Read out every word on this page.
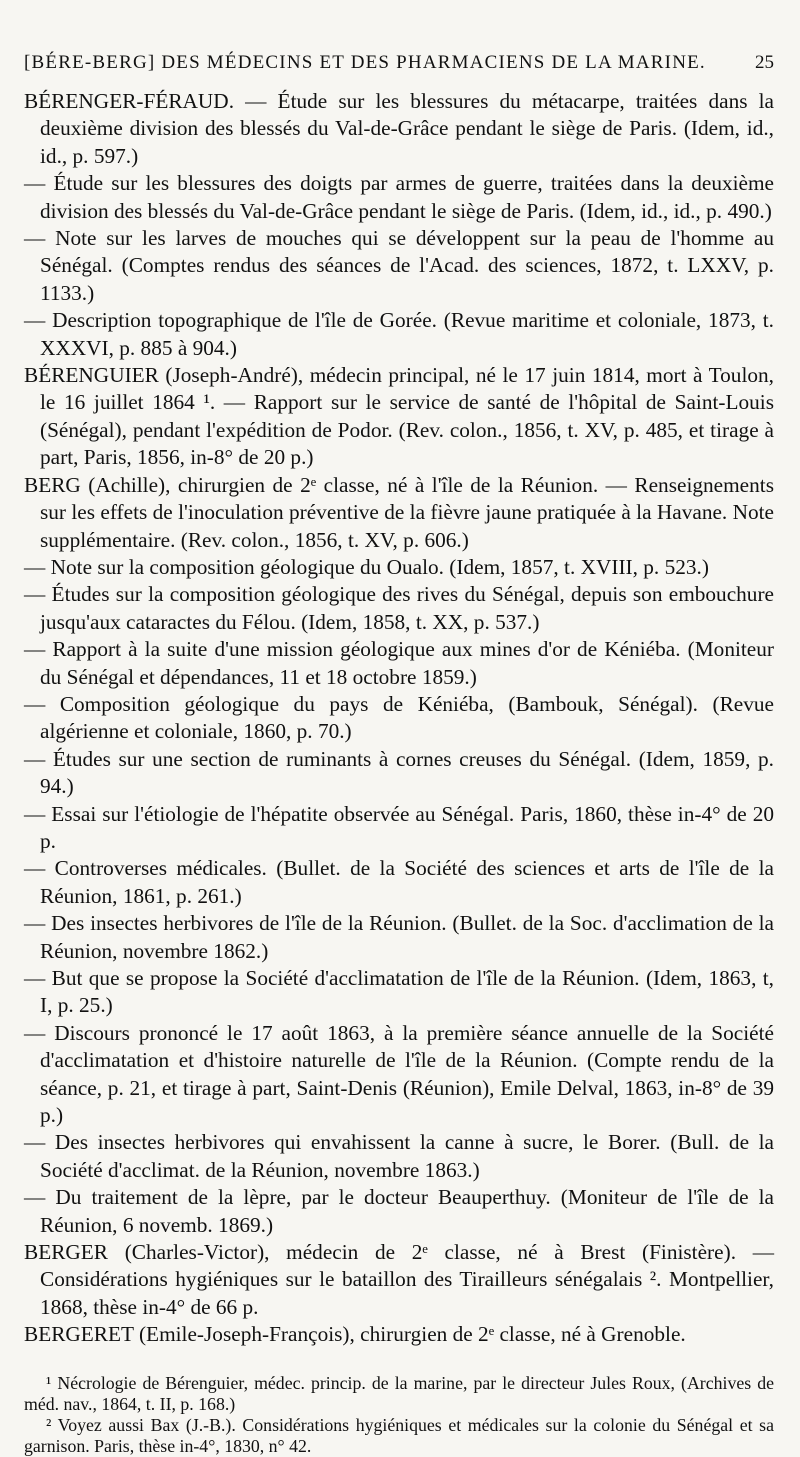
[BÉRE-BERG] DES MÉDECINS ET DES PHARMACIENS DE LA MARINE.	25

BÉRENGER-FÉRAUD. — Étude sur les blessures du métacarpe, traitées dans la deuxième division des blessés du Val-de-Grâce pendant le siège de Paris. (Idem, id., id., p. 597.)

— Étude sur les blessures des doigts par armes de guerre, traitées dans la deuxième division des blessés du Val-de-Grâce pendant le siège de Paris. (Idem, id., id., p. 490.)

— Note sur les larves de mouches qui se développent sur la peau de l'homme au Sénégal. (Comptes rendus des séances de l'Acad. des sciences, 1872, t. LXXV, p. 1133.)

— Description topographique de l'île de Gorée. (Revue maritime et coloniale, 1873, t. XXXVI, p. 885 à 904.)

BÉRENGUIER (Joseph-André), médecin principal, né le 17 juin 1814, mort à Toulon, le 16 juillet 1864 ¹. — Rapport sur le service de santé de l'hôpital de Saint-Louis (Sénégal), pendant l'expédition de Podor. (Rev. colon., 1856, t. XV, p. 485, et tirage à part, Paris, 1856, in-8° de 20 p.)

BERG (Achille), chirurgien de 2ᵉ classe, né à l'île de la Réunion. — Renseignements sur les effets de l'inoculation préventive de la fièvre jaune pratiquée à la Havane. Note supplémentaire. (Rev. colon., 1856, t. XV, p. 606.)

— Note sur la composition géologique du Oualo. (Idem, 1857, t. XVIII, p. 523.)

— Études sur la composition géologique des rives du Sénégal, depuis son embouchure jusqu'aux cataractes du Félou. (Idem, 1858, t. XX, p. 537.)

— Rapport à la suite d'une mission géologique aux mines d'or de Kéniéba. (Moniteur du Sénégal et dépendances, 11 et 18 octobre 1859.)

— Composition géologique du pays de Kéniéba, (Bambouk, Sénégal). (Revue algérienne et coloniale, 1860, p. 70.)

— Études sur une section de ruminants à cornes creuses du Sénégal. (Idem, 1859, p. 94.)

— Essai sur l'étiologie de l'hépatite observée au Sénégal. Paris, 1860, thèse in-4° de 20 p.

— Controverses médicales. (Bullet. de la Société des sciences et arts de l'île de la Réunion, 1861, p. 261.)

— Des insectes herbivores de l'île de la Réunion. (Bullet. de la Soc. d'acclimation de la Réunion, novembre 1862.)

— But que se propose la Société d'acclimatation de l'île de la Réunion. (Idem, 1863, t, I, p. 25.)

— Discours prononcé le 17 août 1863, à la première séance annuelle de la Société d'acclimatation et d'histoire naturelle de l'île de la Réunion. (Compte rendu de la séance, p. 21, et tirage à part, Saint-Denis (Réunion), Emile Delval, 1863, in-8° de 39 p.)

— Des insectes herbivores qui envahissent la canne à sucre, le Borer. (Bull. de la Société d'acclimat. de la Réunion, novembre 1863.)

— Du traitement de la lèpre, par le docteur Beauperthuy. (Moniteur de l'île de la Réunion, 6 novemb. 1869.)

BERGER (Charles-Victor), médecin de 2ᵉ classe, né à Brest (Finistère). — Considérations hygiéniques sur le bataillon des Tirailleurs sénégalais ². Montpellier, 1868, thèse in-4° de 66 p.

BERGERET (Emile-Joseph-François), chirurgien de 2ᵉ classe, né à Grenoble.

¹ Nécrologie de Bérenguier, médec. princip. de la marine, par le directeur Jules Roux, (Archives de méd. nav., 1864, t. II, p. 168.)

² Voyez aussi Bax (J.-B.). Considérations hygiéniques et médicales sur la colonie du Sénégal et sa garnison. Paris, thèse in-4°, 1830, n° 42.
